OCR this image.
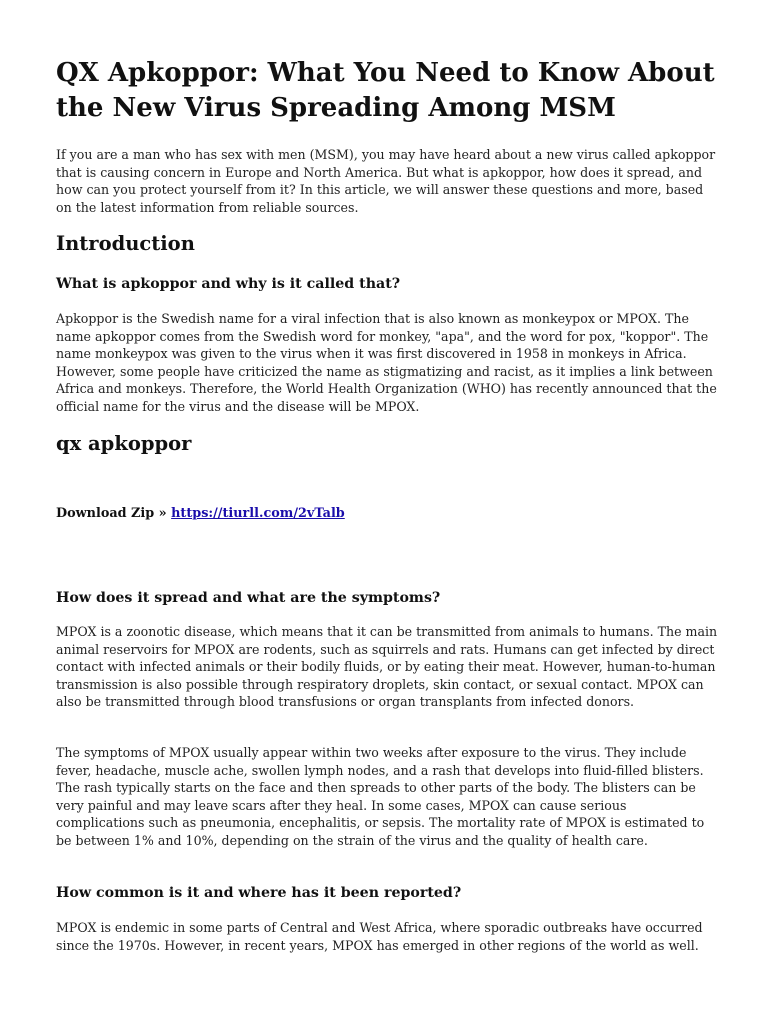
QX Apkoppor: What You Need to Know About the New Virus Spreading Among MSM

If you are a man who has sex with men (MSM), you may have heard about a new virus called apkoppor that is causing concern in Europe and North America. But what is apkoppor, how does it spread, and how can you protect yourself from it? In this article, we will answer these questions and more, based on the latest information from reliable sources.

Introduction
What is apkoppor and why is it called that?

Apkoppor is the Swedish name for a viral infection that is also known as monkeypox or MPOX. The name apkoppor comes from the Swedish word for monkey, "apa", and the word for pox, "koppor". The name monkeypox was given to the virus when it was first discovered in 1958 in monkeys in Africa. However, some people have criticized the name as stigmatizing and racist, as it implies a link between Africa and monkeys. Therefore, the World Health Organization (WHO) has recently announced that the official name for the virus and the disease will be MPOX.

qx apkoppor
Download Zip » https://tiurll.com/2vTalb
How does it spread and what are the symptoms?

MPOX is a zoonotic disease, which means that it can be transmitted from animals to humans. The main animal reservoirs for MPOX are rodents, such as squirrels and rats. Humans can get infected by direct contact with infected animals or their bodily fluids, or by eating their meat. However, human-to-human transmission is also possible through respiratory droplets, skin contact, or sexual contact. MPOX can also be transmitted through blood transfusions or organ transplants from infected donors.

The symptoms of MPOX usually appear within two weeks after exposure to the virus. They include fever, headache, muscle ache, swollen lymph nodes, and a rash that develops into fluid-filled blisters. The rash typically starts on the face and then spreads to other parts of the body. The blisters can be very painful and may leave scars after they heal. In some cases, MPOX can cause serious complications such as pneumonia, encephalitis, or sepsis. The mortality rate of MPOX is estimated to be between 1% and 10%, depending on the strain of the virus and the quality of health care.

How common is it and where has it been reported?

MPOX is endemic in some parts of Central and West Africa, where sporadic outbreaks have occurred since the 1970s. However, in recent years, MPOX has emerged in other regions of the world as well.
